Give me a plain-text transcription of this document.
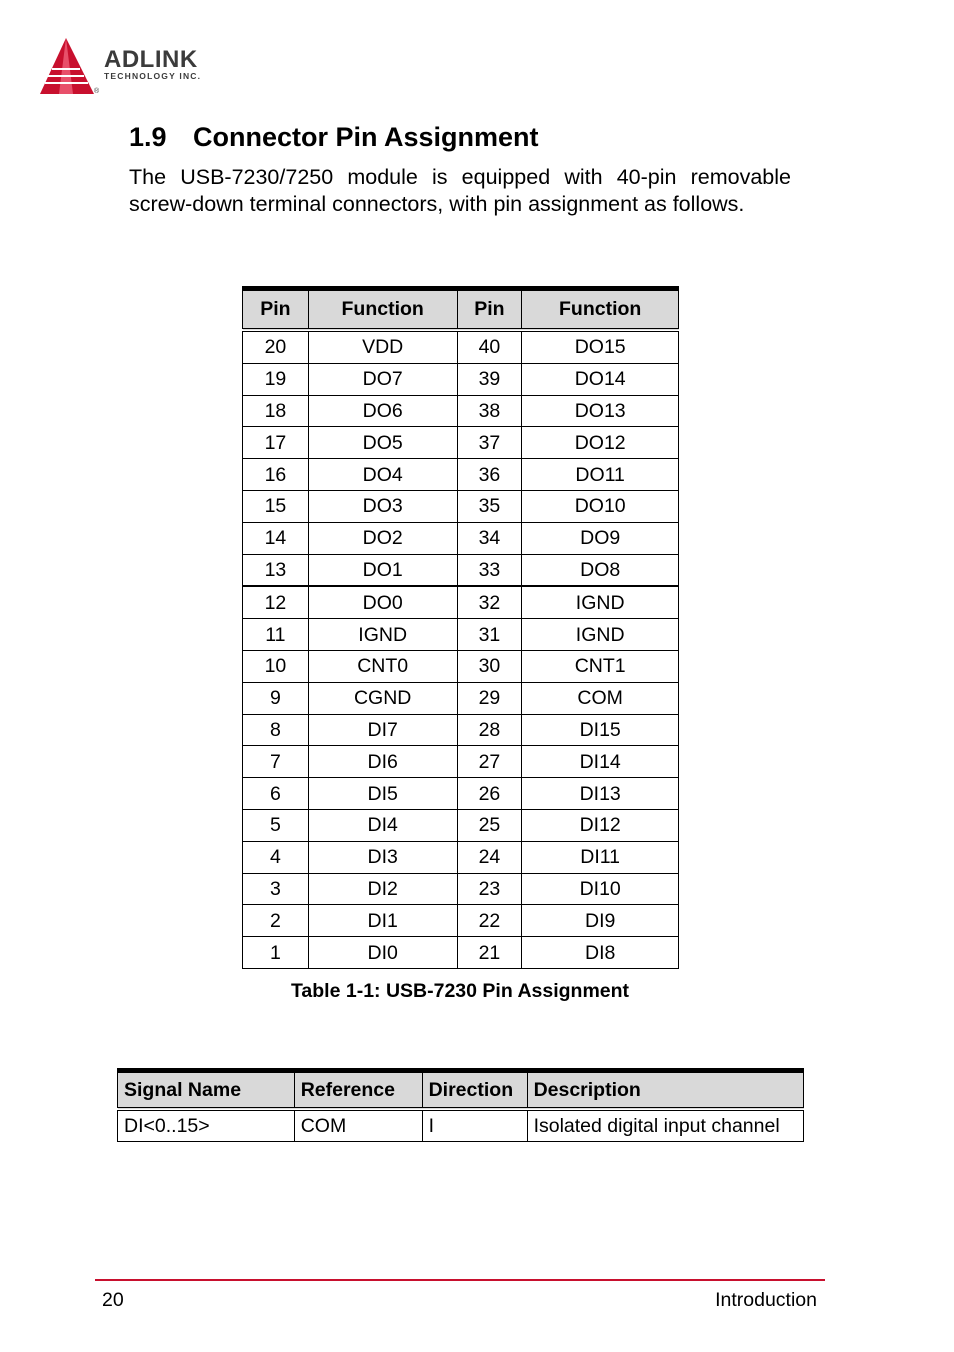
ADLINK
TECHNOLOGY INC.
®
1.9 Connector Pin Assignment
The USB-7230/7250 module is equipped with 40-pin removable screw-down terminal connectors, with pin assignment as follows.
Pin	Function	Pin	Function
20	VDD	40	DO15
19	DO7	39	DO14
18	DO6	38	DO13
17	DO5	37	DO12
16	DO4	36	DO11
15	DO3	35	DO10
14	DO2	34	DO9
13	DO1	33	DO8
12	DO0	32	IGND
11	IGND	31	IGND
10	CNT0	30	CNT1
9	CGND	29	COM
8	DI7	28	DI15
7	DI6	27	DI14
6	DI5	26	DI13
5	DI4	25	DI12
4	DI3	24	DI11
3	DI2	23	DI10
2	DI1	22	DI9
1	DI0	21	DI8
Table 1-1: USB-7230 Pin Assignment
Signal Name	Reference	Direction	Description
DI<0..15>	COM	I	Isolated digital input channel
20	Introduction
